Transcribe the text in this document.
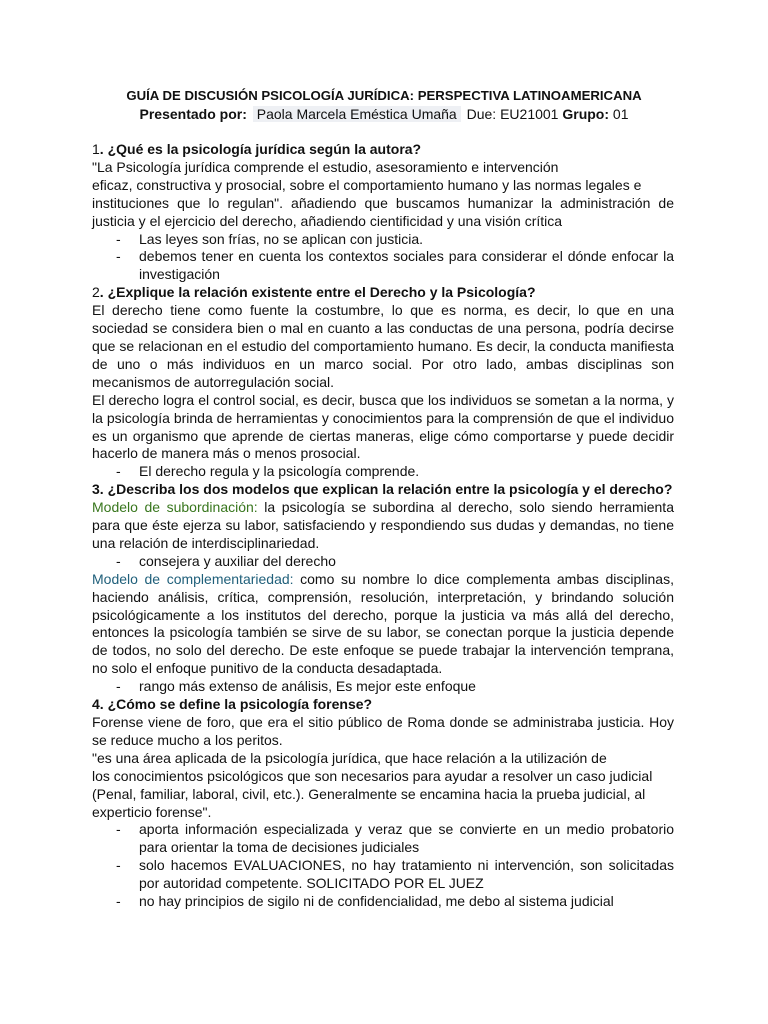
GUÍA DE DISCUSIÓN PSICOLOGÍA JURÍDICA: PERSPECTIVA LATINOAMERICANA
Presentado por: Paola Marcela Eméstica Umaña Due: EU21001 Grupo: 01

1. ¿Qué es la psicología jurídica según la autora?

"La Psicología jurídica comprende el estudio, asesoramiento e intervención

eficaz, constructiva y prosocial, sobre el comportamiento humano y las normas legales e

instituciones que lo regulan". añadiendo que buscamos humanizar la administración de justicia y el ejercicio del derecho, añadiendo cientificidad y una visión crítica

- Las leyes son frías, no se aplican con justicia.
- debemos tener en cuenta los contextos sociales para considerar el dónde enfocar la investigación

2. ¿Explique la relación existente entre el Derecho y la Psicología?

El derecho tiene como fuente la costumbre, lo que es norma, es decir, lo que en una sociedad se considera bien o mal en cuanto a las conductas de una persona, podría decirse que se relacionan en el estudio del comportamiento humano. Es decir, la conducta manifiesta de uno o más individuos en un marco social. Por otro lado, ambas disciplinas son mecanismos de autorregulación social.

El derecho logra el control social, es decir, busca que los individuos se sometan a la norma, y la psicología brinda de herramientas y conocimientos para la comprensión de que el individuo es un organismo que aprende de ciertas maneras, elige cómo comportarse y puede decidir hacerlo de manera más o menos prosocial.

- El derecho regula y la psicología comprende.

3. ¿Describa los dos modelos que explican la relación entre la psicología y el derecho?

Modelo de subordinación: la psicología se subordina al derecho, solo siendo herramienta para que éste ejerza su labor, satisfaciendo y respondiendo sus dudas y demandas, no tiene una relación de interdisciplinariedad.

- consejera y auxiliar del derecho

Modelo de complementariedad: como su nombre lo dice complementa ambas disciplinas, haciendo análisis, crítica, comprensión, resolución, interpretación, y brindando solución psicológicamente a los institutos del derecho, porque la justicia va más allá del derecho, entonces la psicología también se sirve de su labor, se conectan porque la justicia depende de todos, no solo del derecho. De este enfoque se puede trabajar la intervención temprana, no solo el enfoque punitivo de la conducta desadaptada.

- rango más extenso de análisis, Es mejor este enfoque

4. ¿Cómo se define la psicología forense?

Forense viene de foro, que era el sitio público de Roma donde se administraba justicia. Hoy se reduce mucho a los peritos.

"es una área aplicada de la psicología jurídica, que hace relación a la utilización de

los conocimientos psicológicos que son necesarios para ayudar a resolver un caso judicial

(Penal, familiar, laboral, civil, etc.). Generalmente se encamina hacia la prueba judicial, al

experticio forense".

- aporta información especializada y veraz que se convierte en un medio probatorio para orientar la toma de decisiones judiciales
- solo hacemos EVALUACIONES, no hay tratamiento ni intervención, son solicitadas por autoridad competente. SOLICITADO POR EL JUEZ
- no hay principios de sigilo ni de confidencialidad, me debo al sistema judicial
